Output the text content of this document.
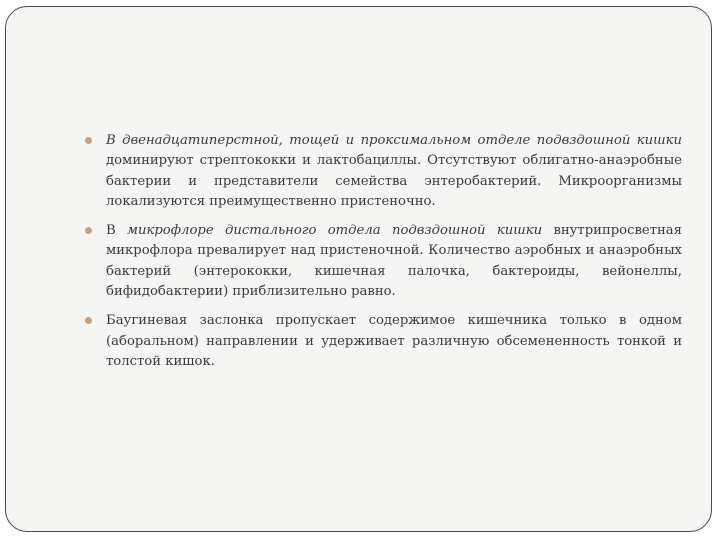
В двенадцатиперстной, тощей и проксимальном отделе подвздошной кишки доминируют стрептококки и лактобациллы. Отсутствуют облигатно-анаэробные бактерии и представители семейства энтеробактерий. Микроорганизмы локализуются преимущественно пристеночно.
В микрофлоре дистального отдела подвздошной кишки внутрипросветная микрофлора превалирует над пристеночной. Количество аэробных и анаэробных бактерий (энтерококки, кишечная палочка, бактероиды, вейонеллы, бифидобактерии) приблизительно равно.
Баугиневая заслонка пропускает содержимое кишечника только в одном (аборальном) направлении и удерживает различную обсемененность тонкой и толстой кишок.
